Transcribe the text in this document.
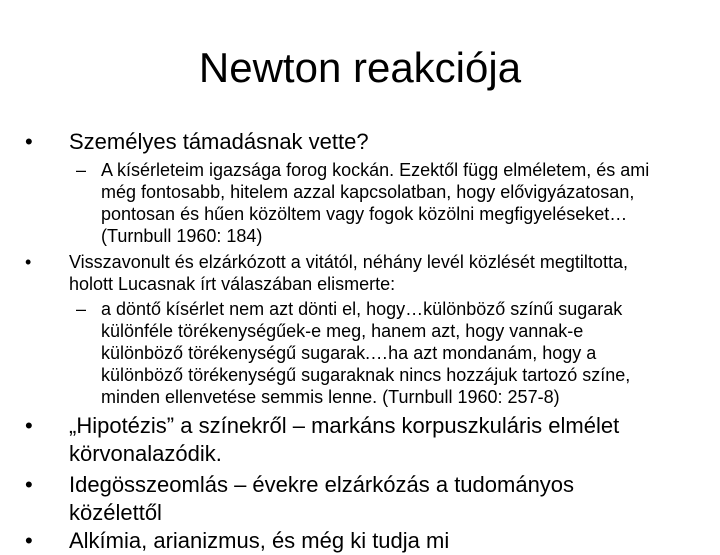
Newton reakciója
• Személyes támadásnak vette?
– A kísérleteim igazsága forog kockán. Ezektől függ elméletem, és ami
még fontosabb, hitelem azzal kapcsolatban, hogy elővigyázatosan,
pontosan és hűen közöltem vagy fogok közölni megfigyeléseket…
(Turnbull 1960: 184)
• Visszavonult és elzárkózott a vitától, néhány levél közlését megtiltotta,
holott Lucasnak írt válaszában elismerte:
– a döntő kísérlet nem azt dönti el, hogy…különböző színű sugarak
különféle törékenységűek-e meg, hanem azt, hogy vannak-e
különböző törékenységű sugarak.…ha azt mondanám, hogy a
különböző törékenységű sugaraknak nincs hozzájuk tartozó színe,
minden ellenvetése semmis lenne. (Turnbull 1960: 257-8)
• „Hipotézis” a színekről – markáns korpuszkuláris elmélet
körvonalazódik.
• Idegösszeomlás – évekre elzárkózás a tudományos
közélettől
• Alkímia, arianizmus, és még ki tudja mi
